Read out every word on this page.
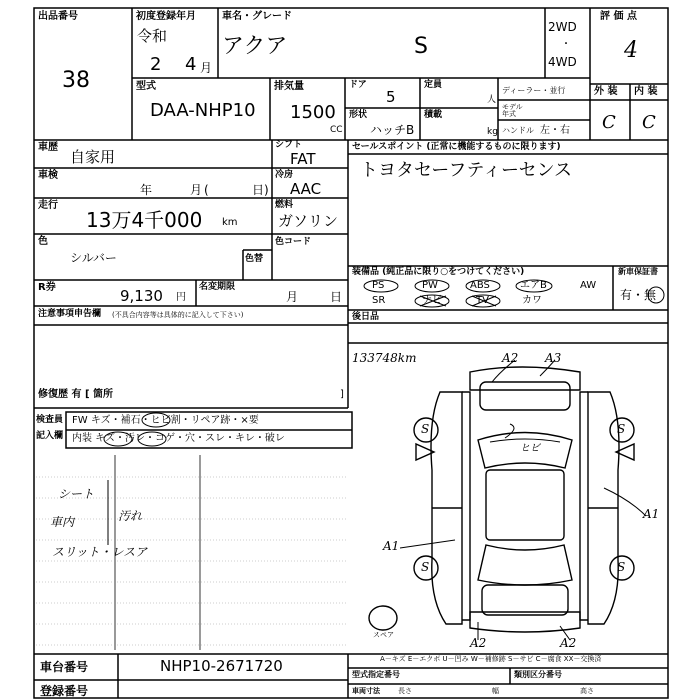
出品番号
38
初度登録年月
令和
2 4 月
車名・グレード
アクア	S
2WD
・
4WD
評 価 点
4
外 装 内 装
C C
型式
DAA-NHP10
排気量
1500
CC
ドア
5
形状
ハッチB
定員
人
積載
kg
ディーラー・並行
モデル年式
ハンドル 左・右
車歴
自家用
シフト
FAT
車検
年	月 (	日)
冷房
AAC
走行
13万4千000 km
燃料
ガソリン
色
シルバー	色替
色コード
R券	9,130 円
名変期限
月	日
セールスポイント (正常に機能するものに限ります)
トヨタセーフティーセンス
装備品 (純正品に限り○をつけてください)	新車保証書
有・無
PS	PW	ABS	エアB	AW
SR	ナビ	TV	カワ
後日品
注意事項申告欄 (不具合内容等は具体的に記入して下さい)
修復歴 有 [ 箇所	]
検査員
記入欄
FW キズ・補石・ヒビ割・リペア跡・×要
内装 キズ・汚レ・コゲ・穴・スレ・キレ・破レ
133748km
シート
車内
スリット・レスア
汚れ
ヒビ
A2 A3
A1
A1
A2	A2
S	S
S	S
スペア
A－キズ E－エクボ U－凹み W－補修跡 S－サビ C－腐食 XX－交換済
車台番号	NHP10-2671720
登録番号
型式指定番号	類別区分番号
車両寸法	長さ	幅	高さ
